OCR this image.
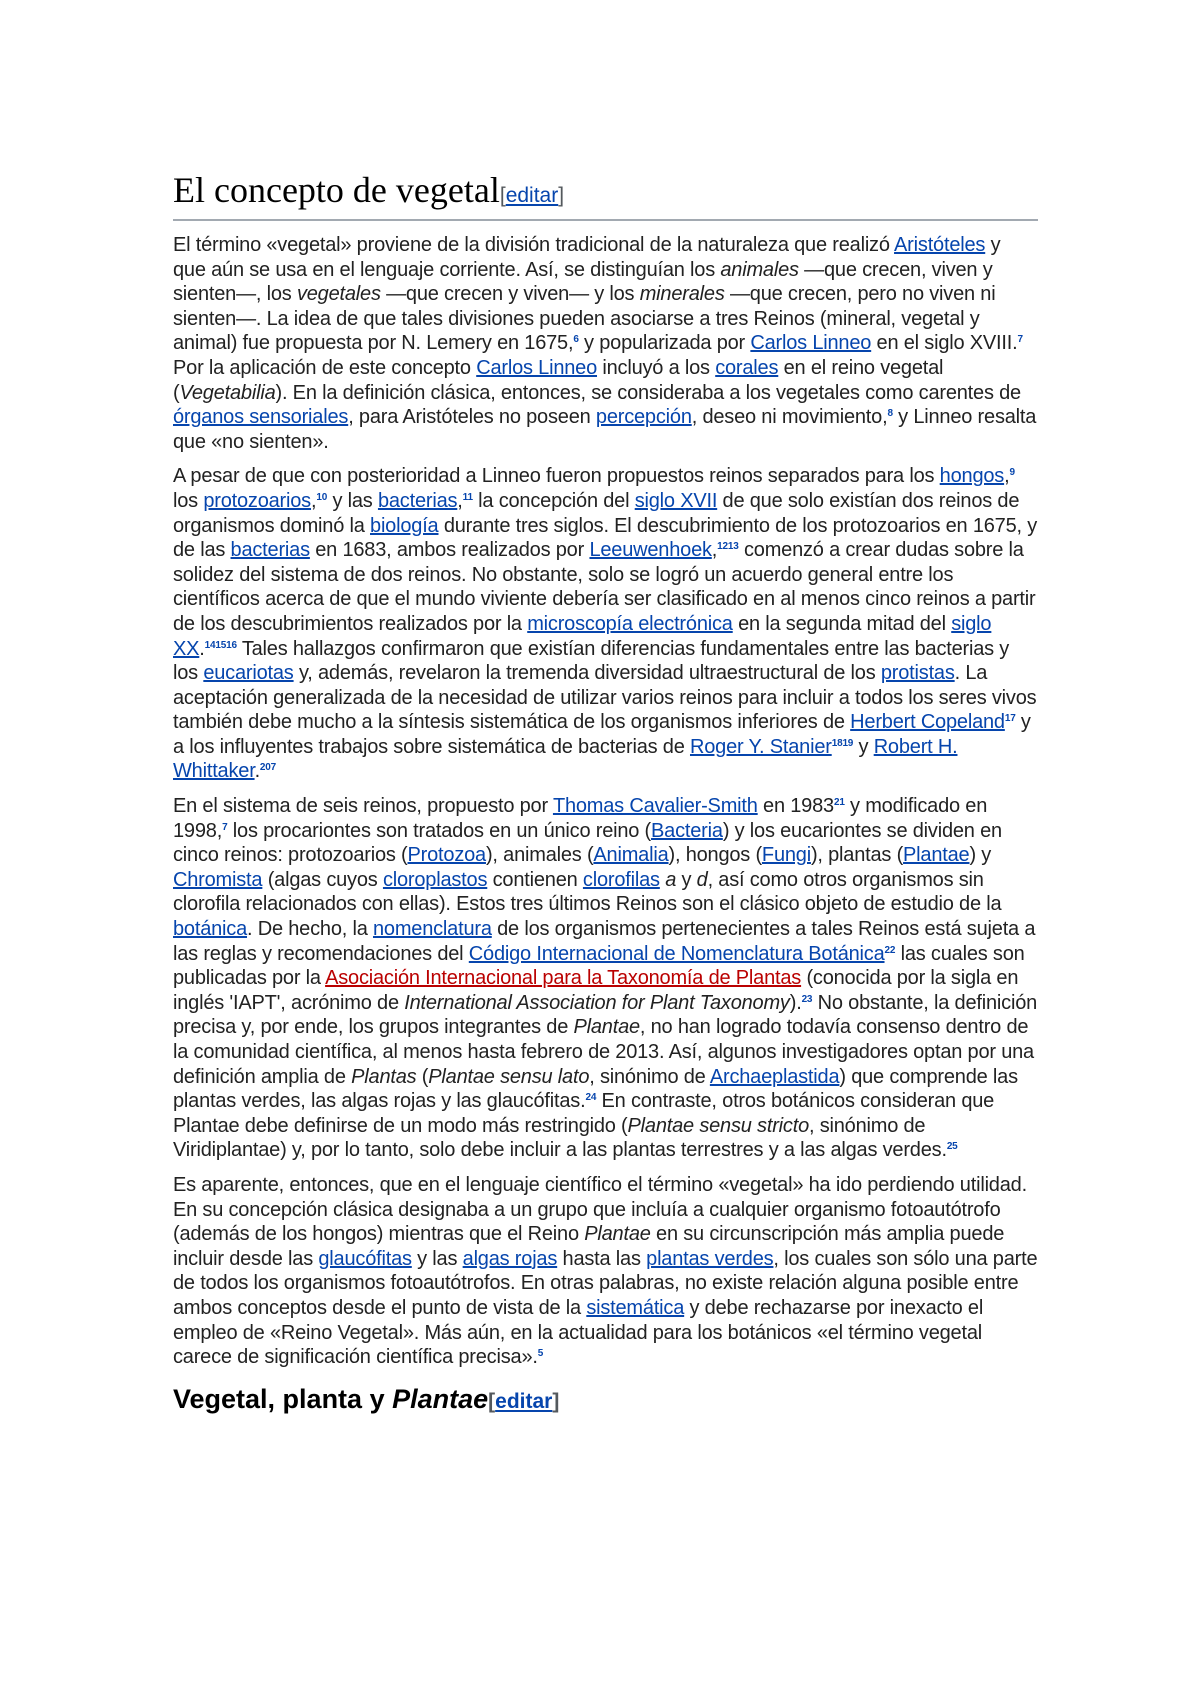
El concepto de vegetal[editar]

El término «vegetal» proviene de la división tradicional de la naturaleza que realizó Aristóteles y que aún se usa en el lenguaje corriente. Así, se distinguían los animales —que crecen, viven y sienten—, los vegetales —que crecen y viven— y los minerales —que crecen, pero no viven ni sienten—. La idea de que tales divisiones pueden asociarse a tres Reinos (mineral, vegetal y animal) fue propuesta por N. Lemery en 1675,$^6$ y popularizada por Carlos Linneo en el siglo XVIII.$^7$ Por la aplicación de este concepto Carlos Linneo incluyó a los corales en el reino vegetal (Vegetabilia). En la definición clásica, entonces, se consideraba a los vegetales como carentes de órganos sensoriales, para Aristóteles no poseen percepción, deseo ni movimiento,$^8$ y Linneo resalta que «no sienten».

A pesar de que con posterioridad a Linneo fueron propuestos reinos separados para los hongos,$^9$ los protozoarios,$^{10}$ y las bacterias,$^{11}$ la concepción del siglo XVII de que solo existían dos reinos de organismos dominó la biología durante tres siglos. El descubrimiento de los protozoarios en 1675, y de las bacterias en 1683, ambos realizados por Leeuwenhoek,$^{1213}$ comenzó a crear dudas sobre la solidez del sistema de dos reinos. No obstante, solo se logró un acuerdo general entre los científicos acerca de que el mundo viviente debería ser clasificado en al menos cinco reinos a partir de los descubrimientos realizados por la microscopía electrónica en la segunda mitad del siglo XX.$^{141516}$ Tales hallazgos confirmaron que existían diferencias fundamentales entre las bacterias y los eucariotas y, además, revelaron la tremenda diversidad ultraestructural de los protistas. La aceptación generalizada de la necesidad de utilizar varios reinos para incluir a todos los seres vivos también debe mucho a la síntesis sistemática de los organismos inferiores de Herbert Copeland$^{17}$ y a los influyentes trabajos sobre sistemática de bacterias de Roger Y. Stanier$^{1819}$ y Robert H. Whittaker.$^{207}$

En el sistema de seis reinos, propuesto por Thomas Cavalier-Smith en 1983$^{21}$ y modificado en 1998,$^7$ los procariontes son tratados en un único reino (Bacteria) y los eucariontes se dividen en cinco reinos: protozoarios (Protozoa), animales (Animalia), hongos (Fungi), plantas (Plantae) y Chromista (algas cuyos cloroplastos contienen clorofilas a y d, así como otros organismos sin clorofila relacionados con ellas). Estos tres últimos Reinos son el clásico objeto de estudio de la botánica. De hecho, la nomenclatura de los organismos pertenecientes a tales Reinos está sujeta a las reglas y recomendaciones del Código Internacional de Nomenclatura Botánica$^{22}$ las cuales son publicadas por la Asociación Internacional para la Taxonomía de Plantas (conocida por la sigla en inglés 'IAPT', acrónimo de International Association for Plant Taxonomy).$^{23}$ No obstante, la definición precisa y, por ende, los grupos integrantes de Plantae, no han logrado todavía consenso dentro de la comunidad científica, al menos hasta febrero de 2013. Así, algunos investigadores optan por una definición amplia de Plantas (Plantae sensu lato, sinónimo de Archaeplastida) que comprende las plantas verdes, las algas rojas y las glaucófitas.$^{24}$ En contraste, otros botánicos consideran que Plantae debe definirse de un modo más restringido (Plantae sensu stricto, sinónimo de Viridiplantae) y, por lo tanto, solo debe incluir a las plantas terrestres y a las algas verdes.$^{25}$

Es aparente, entonces, que en el lenguaje científico el término «vegetal» ha ido perdiendo utilidad. En su concepción clásica designaba a un grupo que incluía a cualquier organismo fotoautótrofo (además de los hongos) mientras que el Reino Plantae en su circunscripción más amplia puede incluir desde las glaucófitas y las algas rojas hasta las plantas verdes, los cuales son sólo una parte de todos los organismos fotoautótrofos. En otras palabras, no existe relación alguna posible entre ambos conceptos desde el punto de vista de la sistemática y debe rechazarse por inexacto el empleo de «Reino Vegetal». Más aún, en la actualidad para los botánicos «el término vegetal carece de significación científica precisa».$^5$

Vegetal, planta y Plantae[editar]
